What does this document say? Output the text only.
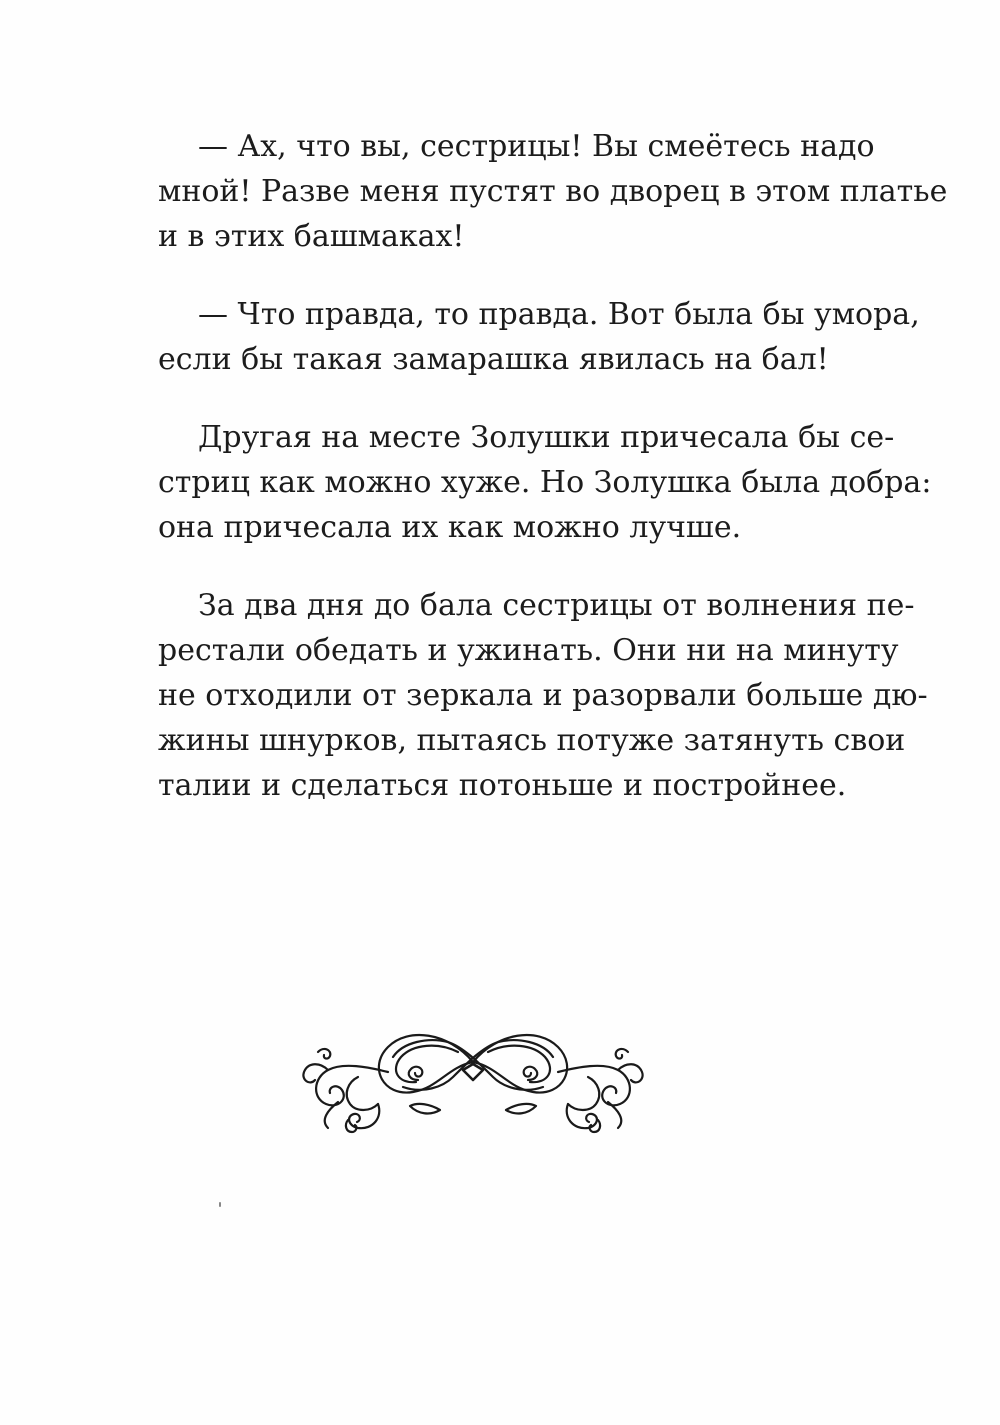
— Ах, что вы, сестрицы! Вы смеётесь надо
мной! Разве меня пустят во дворец в этом платье
и в этих башмаках!

— Что правда, то правда. Вот была бы умора,
если бы такая замарашка явилась на бал!

Другая на месте Золушки причесала бы се-
стриц как можно хуже. Но Золушка была добра:
она причесала их как можно лучше.

За два дня до бала сестрицы от волнения пе-
рестали обедать и ужинать. Они ни на минуту
не отходили от зеркала и разорвали больше дю-
жины шнурков, пытаясь потуже затянуть свои
талии и сделаться потоньше и постройнее.
